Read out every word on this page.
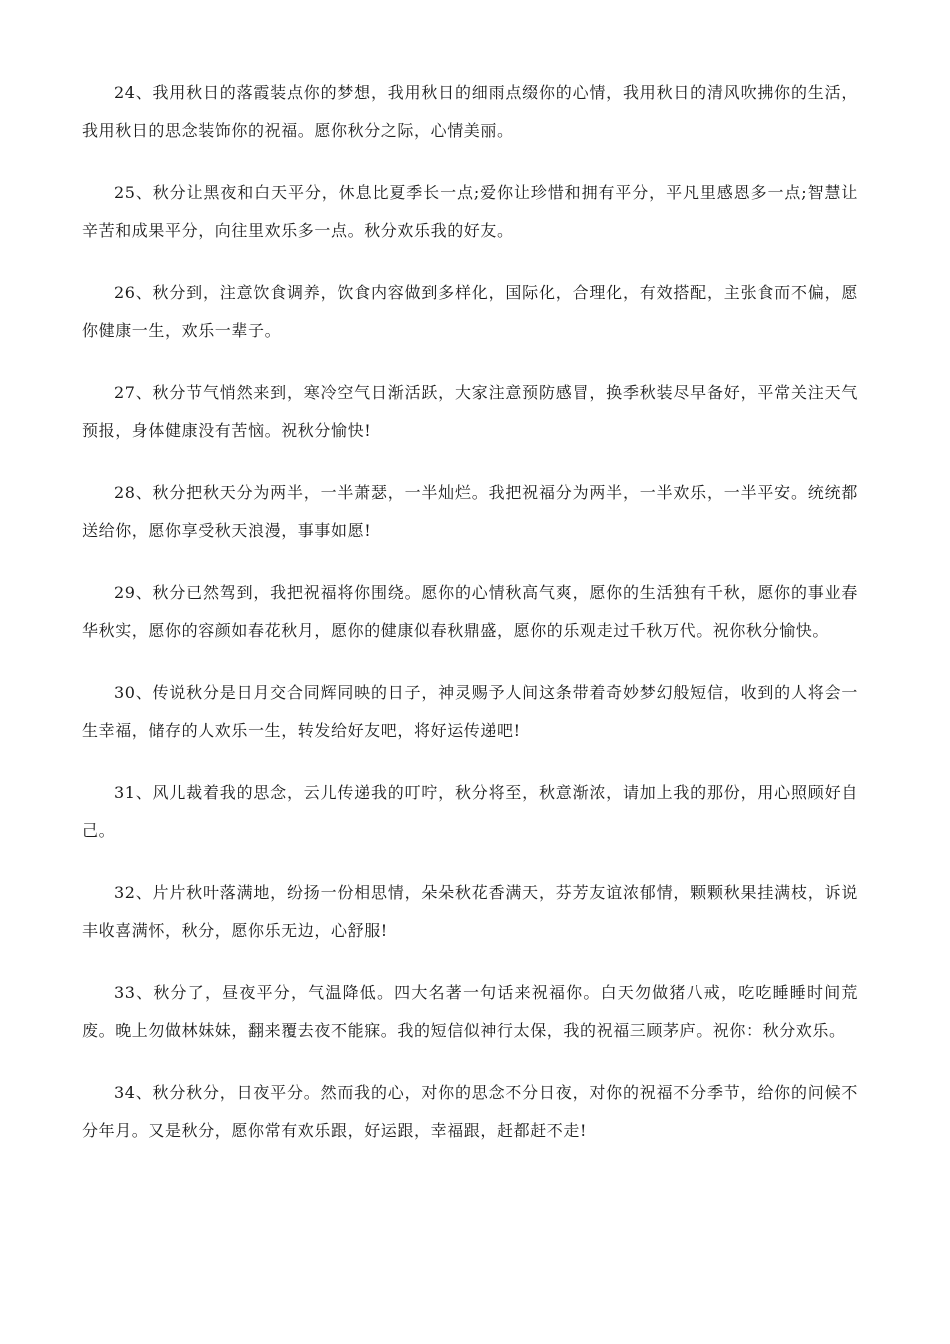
24、我用秋日的落霞装点你的梦想，我用秋日的细雨点缀你的心情，我用秋日的清风吹拂你的生活，我用秋日的思念装饰你的祝福。愿你秋分之际，心情美丽。

25、秋分让黑夜和白天平分，休息比夏季长一点;爱你让珍惜和拥有平分，平凡里感恩多一点;智慧让辛苦和成果平分，向往里欢乐多一点。秋分欢乐我的好友。

26、秋分到，注意饮食调养，饮食内容做到多样化，国际化，合理化，有效搭配，主张食而不偏，愿你健康一生，欢乐一辈子。

27、秋分节气悄然来到，寒冷空气日渐活跃，大家注意预防感冒，换季秋装尽早备好，平常关注天气预报，身体健康没有苦恼。祝秋分愉快!

28、秋分把秋天分为两半，一半萧瑟，一半灿烂。我把祝福分为两半，一半欢乐，一半平安。统统都送给你，愿你享受秋天浪漫，事事如愿!

29、秋分已然驾到，我把祝福将你围绕。愿你的心情秋高气爽，愿你的生活独有千秋，愿你的事业春华秋实，愿你的容颜如春花秋月，愿你的健康似春秋鼎盛，愿你的乐观走过千秋万代。祝你秋分愉快。

30、传说秋分是日月交合同辉同映的日子，神灵赐予人间这条带着奇妙梦幻般短信，收到的人将会一生幸福，储存的人欢乐一生，转发给好友吧，将好运传递吧!

31、风儿裁着我的思念，云儿传递我的叮咛，秋分将至，秋意渐浓，请加上我的那份，用心照顾好自己。

32、片片秋叶落满地，纷扬一份相思情，朵朵秋花香满天，芬芳友谊浓郁情，颗颗秋果挂满枝，诉说丰收喜满怀，秋分，愿你乐无边，心舒服!

33、秋分了，昼夜平分，气温降低。四大名著一句话来祝福你。白天勿做猪八戒，吃吃睡睡时间荒废。晚上勿做林妹妹，翻来覆去夜不能寐。我的短信似神行太保，我的祝福三顾茅庐。祝你：秋分欢乐。

34、秋分秋分，日夜平分。然而我的心，对你的思念不分日夜，对你的祝福不分季节，给你的问候不分年月。又是秋分，愿你常有欢乐跟，好运跟，幸福跟，赶都赶不走!
